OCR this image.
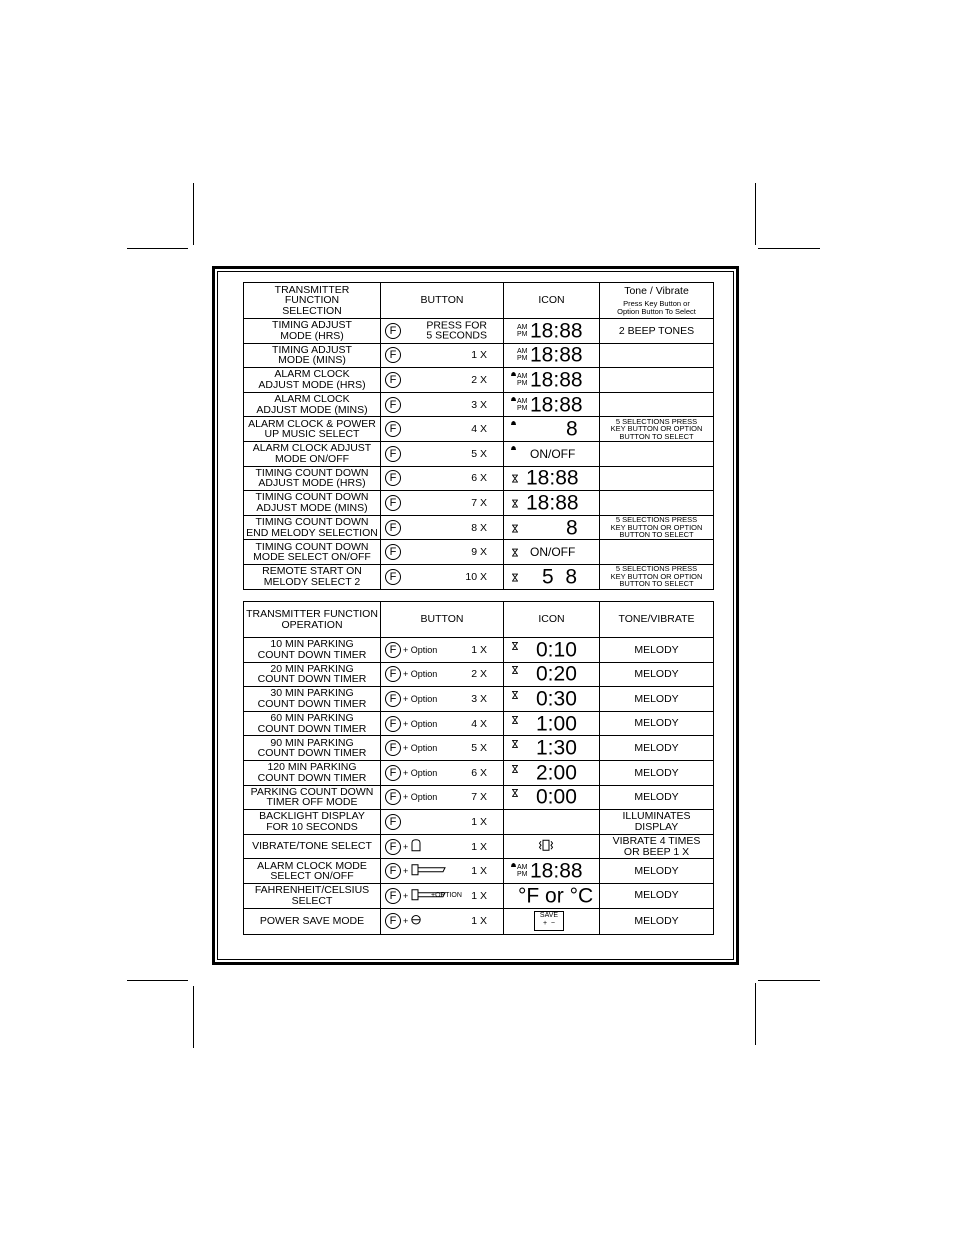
TRANSMITTER
FUNCTION
SELECTION	BUTTON	ICON	Tone / Vibrate
Press Key Button or
Option Button To Select

TIMING ADJUST
MODE (HRS)	F PRESS FOR
5 SECONDS	AM
PM 18:88	2 BEEP TONES

TIMING ADJUST
MODE (MINS)	F 1 X	AM
PM 18:88	

ALARM CLOCK
ADJUST MODE (HRS)	F 2 X	AM
PM 18:88	

ALARM CLOCK
ADJUST MODE (MINS)	F 3 X	AM
PM 18:88	

ALARM CLOCK & POWER
UP MUSIC SELECT	F 4 X	8	5 SELECTIONS PRESS
KEY BUTTON OR OPTION
BUTTON TO SELECT

ALARM CLOCK ADJUST
MODE ON/OFF	F 5 X	ON/OFF	

TIMING COUNT DOWN
ADJUST MODE (HRS)	F 6 X	18:88	

TIMING COUNT DOWN
ADJUST MODE (MINS)	F 7 X	18:88	

TIMING COUNT DOWN
END MELODY SELECTION	F 8 X	8	5 SELECTIONS PRESS
KEY BUTTON OR OPTION
BUTTON TO SELECT

TIMING COUNT DOWN
MODE SELECT ON/OFF	F 9 X	ON/OFF	

REMOTE START ON
MELODY SELECT 2	F 10 X	5  8	5 SELECTIONS PRESS
KEY BUTTON OR OPTION
BUTTON TO SELECT
TRANSMITTER FUNCTION
OPERATION	BUTTON	ICON	TONE/VIBRATE

10 MIN PARKING
COUNT DOWN TIMER	F + Option 1 X	0:10	MELODY

20 MIN PARKING
COUNT DOWN TIMER	F + Option 2 X	0:20	MELODY

30 MIN PARKING
COUNT DOWN TIMER	F + Option 3 X	0:30	MELODY

60 MIN PARKING
COUNT DOWN TIMER	F + Option 4 X	1:00	MELODY

90 MIN PARKING
COUNT DOWN TIMER	F + Option 5 X	1:30	MELODY

120 MIN PARKING
COUNT DOWN TIMER	F + Option 6 X	2:00	MELODY

PARKING COUNT DOWN
TIMER OFF MODE	F + Option 7 X	0:00	MELODY

BACKLIGHT DISPLAY
FOR 10 SECONDS	F 1 X		ILLUMINATES
DISPLAY

VIBRATE/TONE SELECT	F + 1 X		VIBRATE 4 TIMES
OR BEEP 1 X

ALARM CLOCK MODE
SELECT ON/OFF	F + 1 X	AM
PM 18:88	MELODY

FAHRENHEIT/CELSIUS
SELECT	F + +OPTION 1 X	°F or °C	MELODY

POWER SAVE MODE	F + 1 X	SAVE
+  −	MELODY
